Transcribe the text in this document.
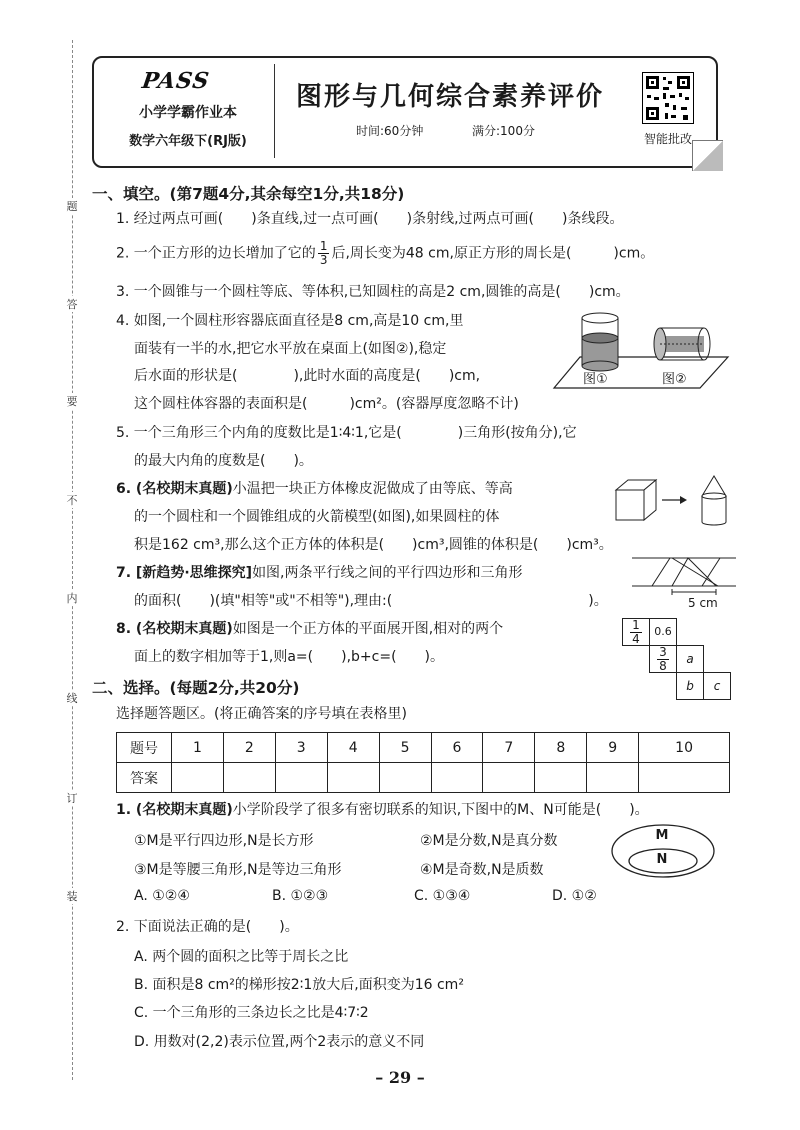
题
答
要
不
内
线
订
装
PASS
小学学霸作业本
数学六年级下(RJ版)
图形与几何综合素养评价
时间:60分钟	满分:100分
智能批改
一、填空。(第7题4分,其余每空1分,共18分)
1. 经过两点可画(　　)条直线,过一点可画(　　)条射线,过两点可画(　　)条线段。
2. 一个正方形的边长增加了它的 $\frac{1}{3}$ 后,周长变为48 cm,原正方形的周长是(　　　)cm。
3. 一个圆锥与一个圆柱等底、等体积,已知圆柱的高是2 cm,圆锥的高是(　　)cm。
4. 如图,一个圆柱形容器底面直径是8 cm,高是10 cm,里
面装有一半的水,把它水平放在桌面上(如图②),稳定
后水面的形状是(　　　　),此时水面的高度是(　　)cm,
这个圆柱体容器的表面积是(　　　)cm²。(容器厚度忽略不计)
图①	图②
5. 一个三角形三个内角的度数比是1∶4∶1,它是(　　　　)三角形(按角分),它
的最大内角的度数是(　　)。
6. (名校期末真题)小温把一块正方体橡皮泥做成了由等底、等高
的一个圆柱和一个圆锥组成的火箭模型(如图),如果圆柱的体
积是162 cm³,那么这个正方体的体积是(　　)cm³,圆锥的体积是(　　)cm³。
7. [新趋势·思维探究]如图,两条平行线之间的平行四边形和三角形
的面积(　　)(填"相等"或"不相等"),理由:(　　　　　　　　　　　　　　)。	5 cm
8. (名校期末真题)如图是一个正方体的平面展开图,相对的两个
面上的数字相加等于1,则a=(　　),b+c=(　　)。
$\frac{1}{4}$	0.6
$\frac{3}{8}$	a
b	c
二、选择。(每题2分,共20分)
选择题答题区。(将正确答案的序号填在表格里)
题号	1	2	3	4	5	6	7	8	9	10
答案										
1. (名校期末真题)小学阶段学了很多有密切联系的知识,下图中的M、N可能是(　　)。
①M是平行四边形,N是长方形	②M是分数,N是真分数
③M是等腰三角形,N是等边三角形	④M是奇数,N是质数
M
N
A. ①②④	B. ①②③	C. ①③④	D. ①②
2. 下面说法正确的是(　　)。
A. 两个圆的面积之比等于周长之比
B. 面积是8 cm²的梯形按2∶1放大后,面积变为16 cm²
C. 一个三角形的三条边长之比是4∶7∶2
D. 用数对(2,2)表示位置,两个2表示的意义不同
– 29 –
